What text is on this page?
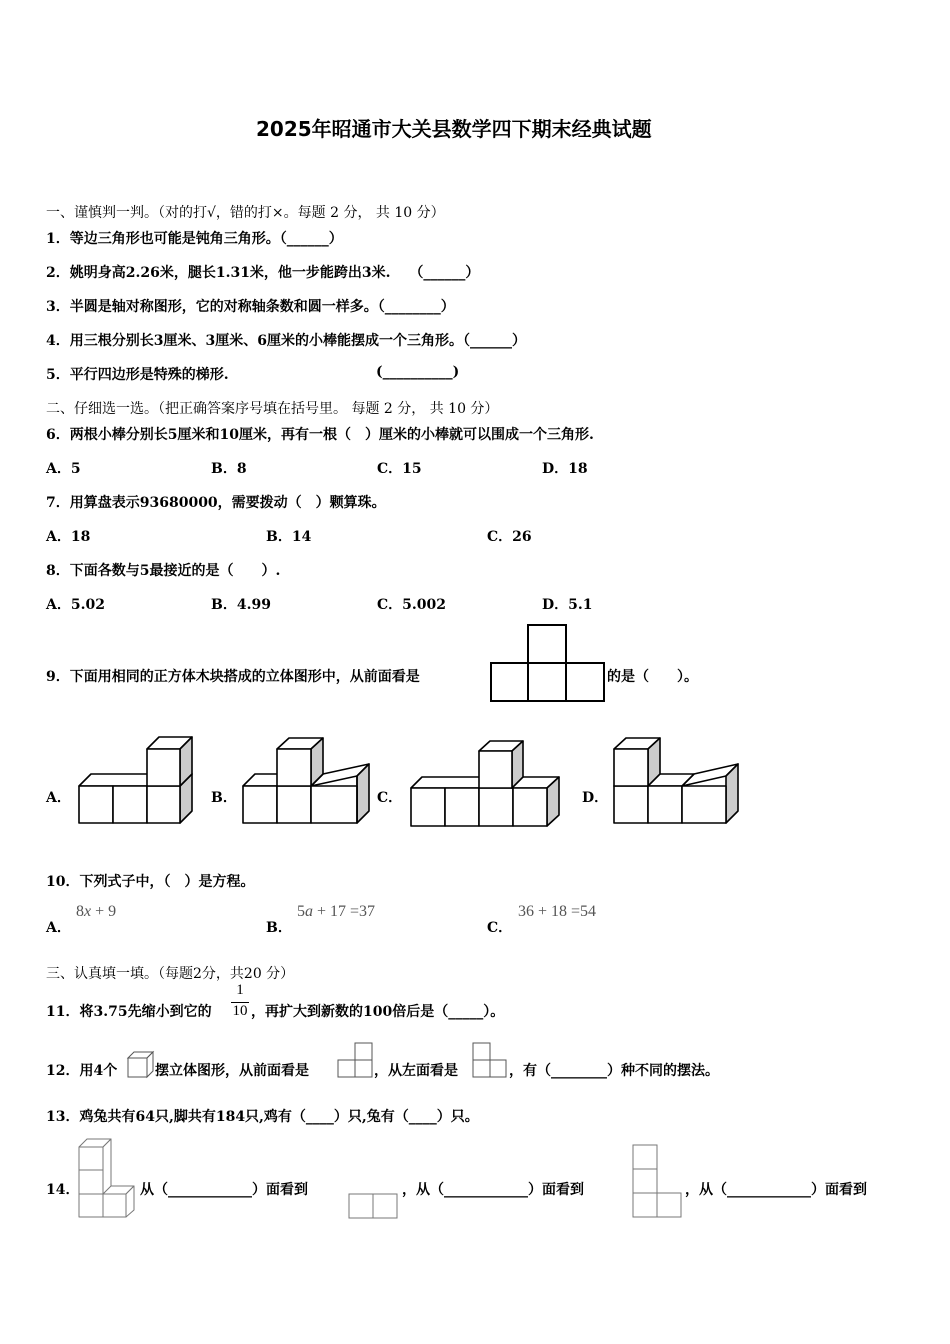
2025年昭通市大关县数学四下期末经典试题
一、谨慎判一判。（对的打√，错的打×。每题 2 分， 共 10 分）
1．等边三角形也可能是钝角三角形。（______）
2．姚明身高2.26米，腿长1.31米，他一步能跨出3米.　 （______）
3．半圆是轴对称图形，它的对称轴条数和圆一样多。（________）
4．用三根分别长3厘米、3厘米、6厘米的小棒能摆成一个三角形。（______）
5．平行四边形是特殊的梯形.	(__________)
二、仔细选一选。（把正确答案序号填在括号里。 每题 2 分， 共 10 分）
6．两根小棒分别长5厘米和10厘米，再有一根（　）厘米的小棒就可以围成一个三角形.
A．5	B．8	C．15	D．18
7．用算盘表示93680000，需要拨动（　）颗算珠。
A．18	B．14	C．26
8．下面各数与5最接近的是（　　）.
A．5.02	B．4.99	C．5.002	D．5.1
9．下面用相同的正方体木块搭成的立体图形中，从前面看是	的是（　　）。
A．	B．	C．	D．
10．下列式子中，（　）是方程。
A．
8x + 9
B．
5a + 17 =37
C．
36 + 18 =54
三、认真填一填。（每题2分，共20 分）
11．将3.75先缩小到它的
1
10 ，再扩大到新数的100倍后是（_____）。
12．用4个	摆立体图形，从前面看是	，从左面看是	，有（________）种不同的摆法。
13．鸡兔共有64只,脚共有184只,鸡有（____）只,兔有（____）只。
14．	从（____________）面看到	，从（____________）面看到	，从（____________）面看到
